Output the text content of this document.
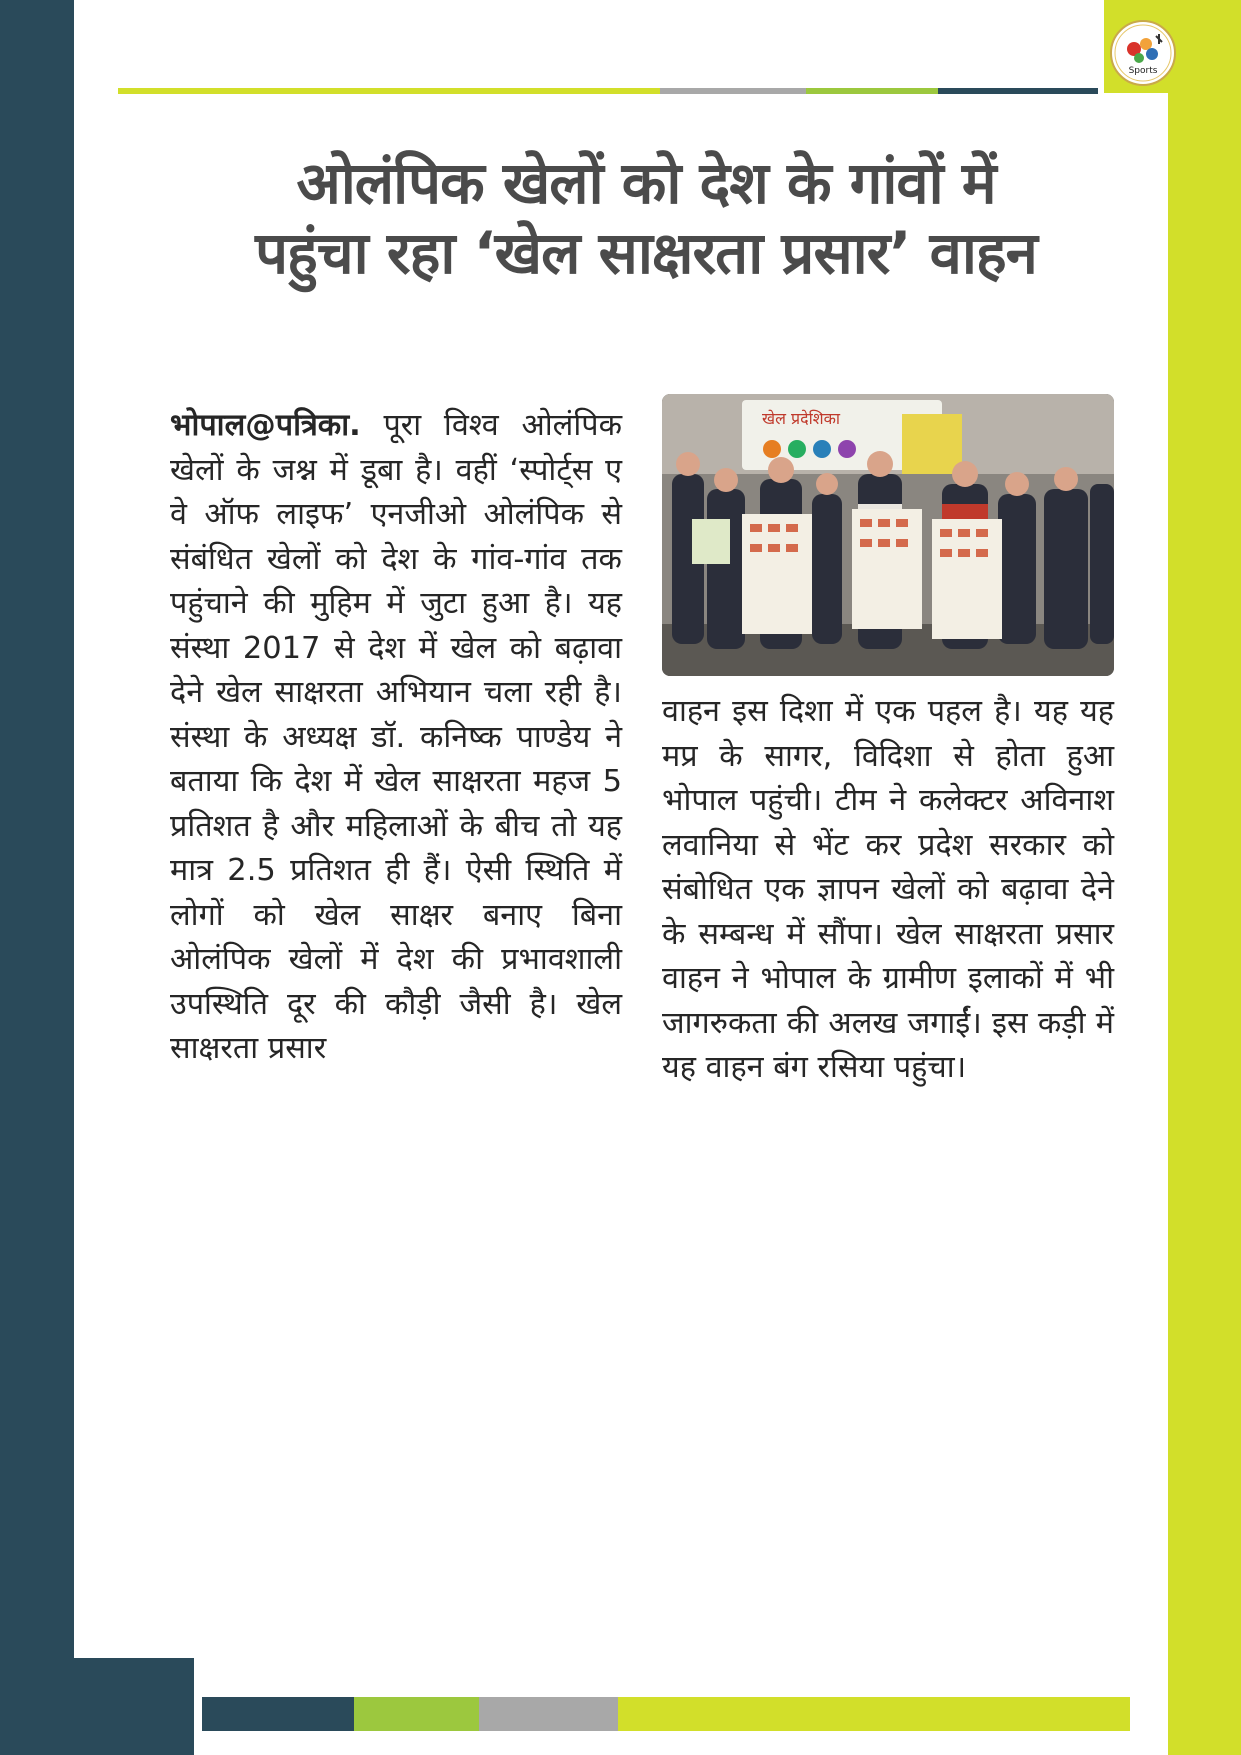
Sports
ओलंपिक खेलों को देश के गांवों में
पहुंचा रहा ‘खेल साक्षरता प्रसार’ वाहन
भोपाल@पत्रिका. पूरा विश्व ओलंपिक खेलों के जश्न में डूबा है। वहीं ‘स्पोर्ट्स ए वे ऑफ लाइफ’ एनजीओ ओलंपिक से संबंधित खेलों को देश के गांव-गांव तक पहुंचाने की मुहिम में जुटा हुआ है। यह संस्था 2017 से देश में खेल को बढ़ावा देने खेल साक्षरता अभियान चला रही है। संस्था के अध्यक्ष डॉ. कनिष्क पाण्डेय ने बताया कि देश में खेल साक्षरता महज 5 प्रतिशत है और महिलाओं के बीच तो यह मात्र 2.5 प्रतिशत ही हैं। ऐसी स्थिति में लोगों को खेल साक्षर बनाए बिना ओलंपिक खेलों में देश की प्रभावशाली उपस्थिति दूर की कौड़ी जैसी है। खेल साक्षरता प्रसार
खेल प्रदेशिका
वाहन इस दिशा में एक पहल है। यह यह मप्र के सागर, विदिशा से होता हुआ भोपाल पहुंची। टीम ने कलेक्टर अविनाश लवानिया से भेंट कर प्रदेश सरकार को संबोधित एक ज्ञापन खेलों को बढ़ावा देने के सम्बन्ध में सौंपा। खेल साक्षरता प्रसार वाहन ने भोपाल के ग्रामीण इलाकों में भी जागरुकता की अलख जगाईं। इस कड़ी में यह वाहन बंग रसिया पहुंचा।
